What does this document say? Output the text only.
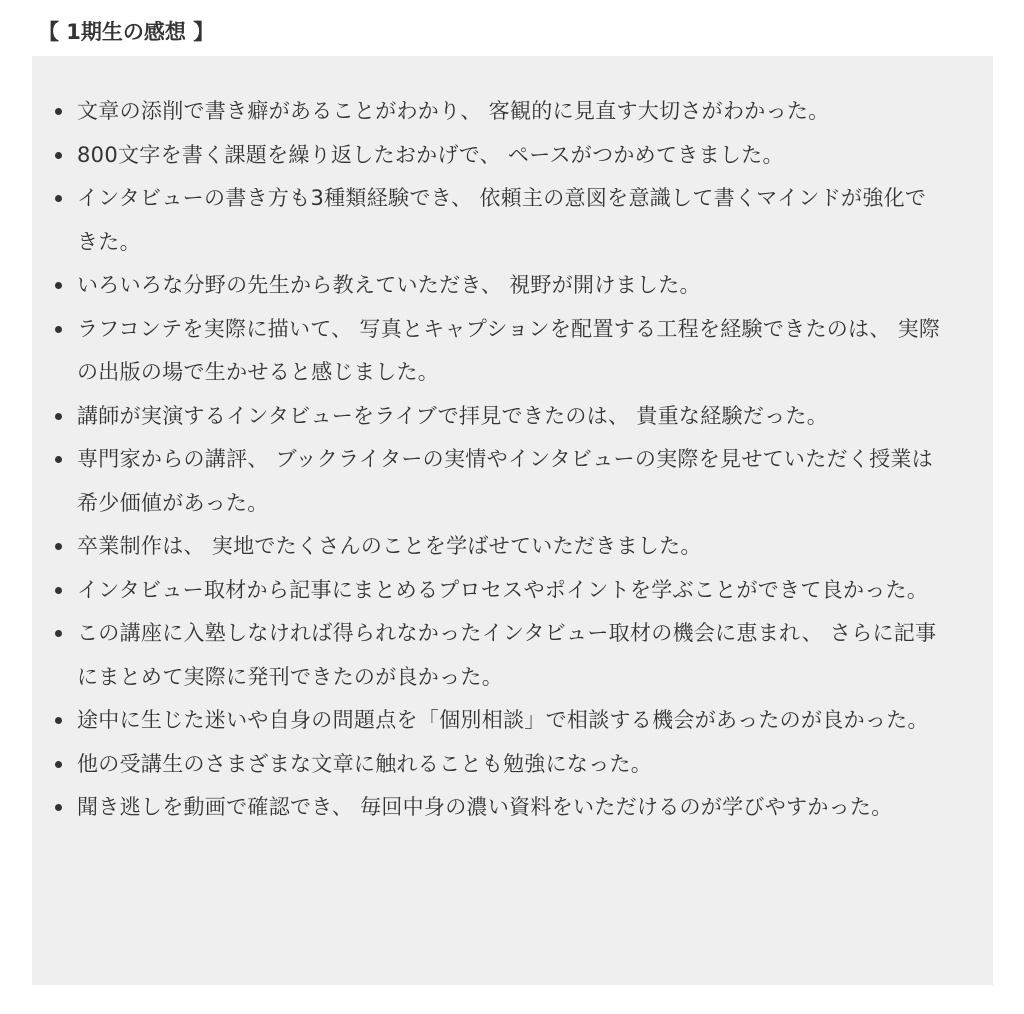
【 1期生の感想 】
文章の添削で書き癖があることがわかり、 客観的に見直す大切さがわかった。
800文字を書く課題を繰り返したおかげで、 ペースがつかめてきました。
インタビューの書き方も3種類経験でき、 依頼主の意図を意識して書くマインドが強化できた。
いろいろな分野の先生から教えていただき、 視野が開けました。
ラフコンテを実際に描いて、 写真とキャプションを配置する工程を経験できたのは、 実際の出版の場で生かせると感じました。
講師が実演するインタビューをライブで拝見できたのは、 貴重な経験だった。
専門家からの講評、 ブックライターの実情やインタビューの実際を見せていただく授業は希少価値があった。
卒業制作は、 実地でたくさんのことを学ばせていただきました。
インタビュー取材から記事にまとめるプロセスやポイントを学ぶことができて良かった。
この講座に入塾しなければ得られなかったインタビュー取材の機会に恵まれ、 さらに記事にまとめて実際に発刊できたのが良かった。
途中に生じた迷いや自身の問題点を「個別相談」で相談する機会があったのが良かった。
他の受講生のさまざまな文章に触れることも勉強になった。
聞き逃しを動画で確認でき、 毎回中身の濃い資料をいただけるのが学びやすかった。
